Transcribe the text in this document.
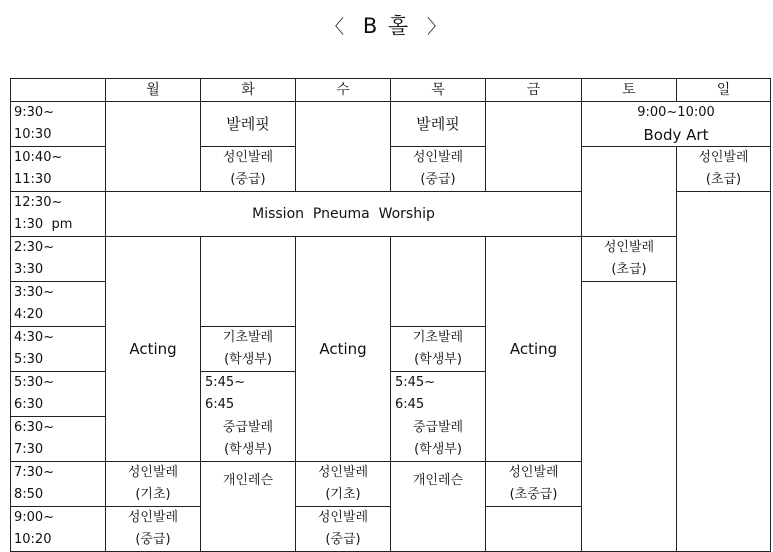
〈 B 홀 〉
	월	화	수	목	금	토	일	

9:30~
10:30		발레핏		발레핏		9:00~10:00
Body Art		

10:40~
11:30		성인발레
(중급)		성인발레
(중급)			성인발레
(초급)	

12:30~
1:30  pm	Mission  Pneuma  Worship							

2:30~
3:30	Acting		Acting		Acting	성인발레
(초급)		

3:30~
4:20								

4:30~
5:30		기초발레
(학생부)		기초발레
(학생부)				

5:30~
6:30		5:45~
6:45		5:45~
6:45				

6:30~
7:30		중급발레
(학생부)		중급발레
(학생부)				

7:30~
8:50	성인발레
(기초)	개인레슨	성인발레
(기초)	개인레슨	성인발레
(초중급)			

9:00~
10:20	성인발레
(중급)		성인발레
(중급)					
